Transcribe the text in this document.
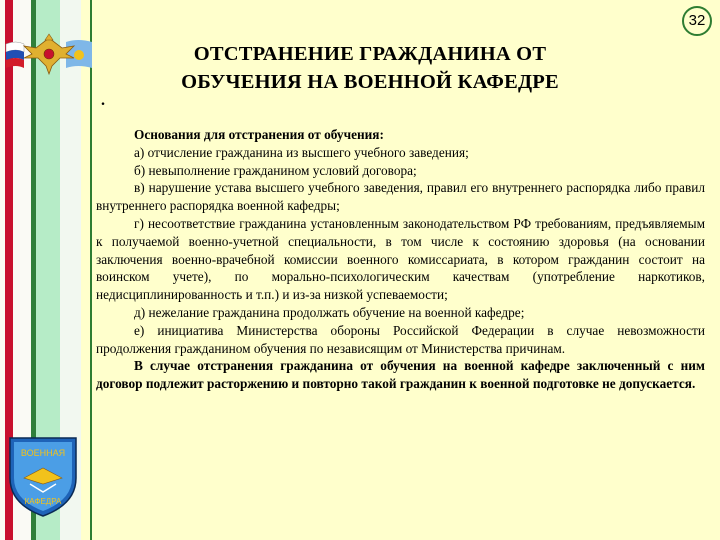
ВОЕННАЯ
КАФЕДРА
32
ОТСТРАНЕНИЕ ГРАЖДАНИНА ОТ
ОБУЧЕНИЯ НА ВОЕННОЙ КАФЕДРЕ
.

Основания для отстранения от обучения:

а) отчисление гражданина из высшего учебного заведения;

б) невыполнение гражданином условий договора;

в) нарушение устава высшего учебного заведения, правил его внутреннего распорядка либо правил внутреннего распорядка военной кафедры;

г) несоответствие гражданина установленным законодательством РФ требованиям, предъявляемым к получаемой военно-учетной специальности, в том числе к состоянию здоровья (на основании заключения военно-врачебной комиссии военного комиссариата, в котором гражданин состоит на воинском учете), по морально-психологическим качествам (употребление наркотиков, недисциплинированность и т.п.) и из-за низкой успеваемости;

д) нежелание гражданина продолжать обучение на военной кафедре;

е) инициатива Министерства обороны Российской Федерации в случае невозможности продолжения гражданином обучения по независящим от Министерства причинам.

В случае отстранения гражданина от обучения на военной кафедре заключенный с ним договор подлежит расторжению и повторно такой гражданин к военной подготовке не допускается.
